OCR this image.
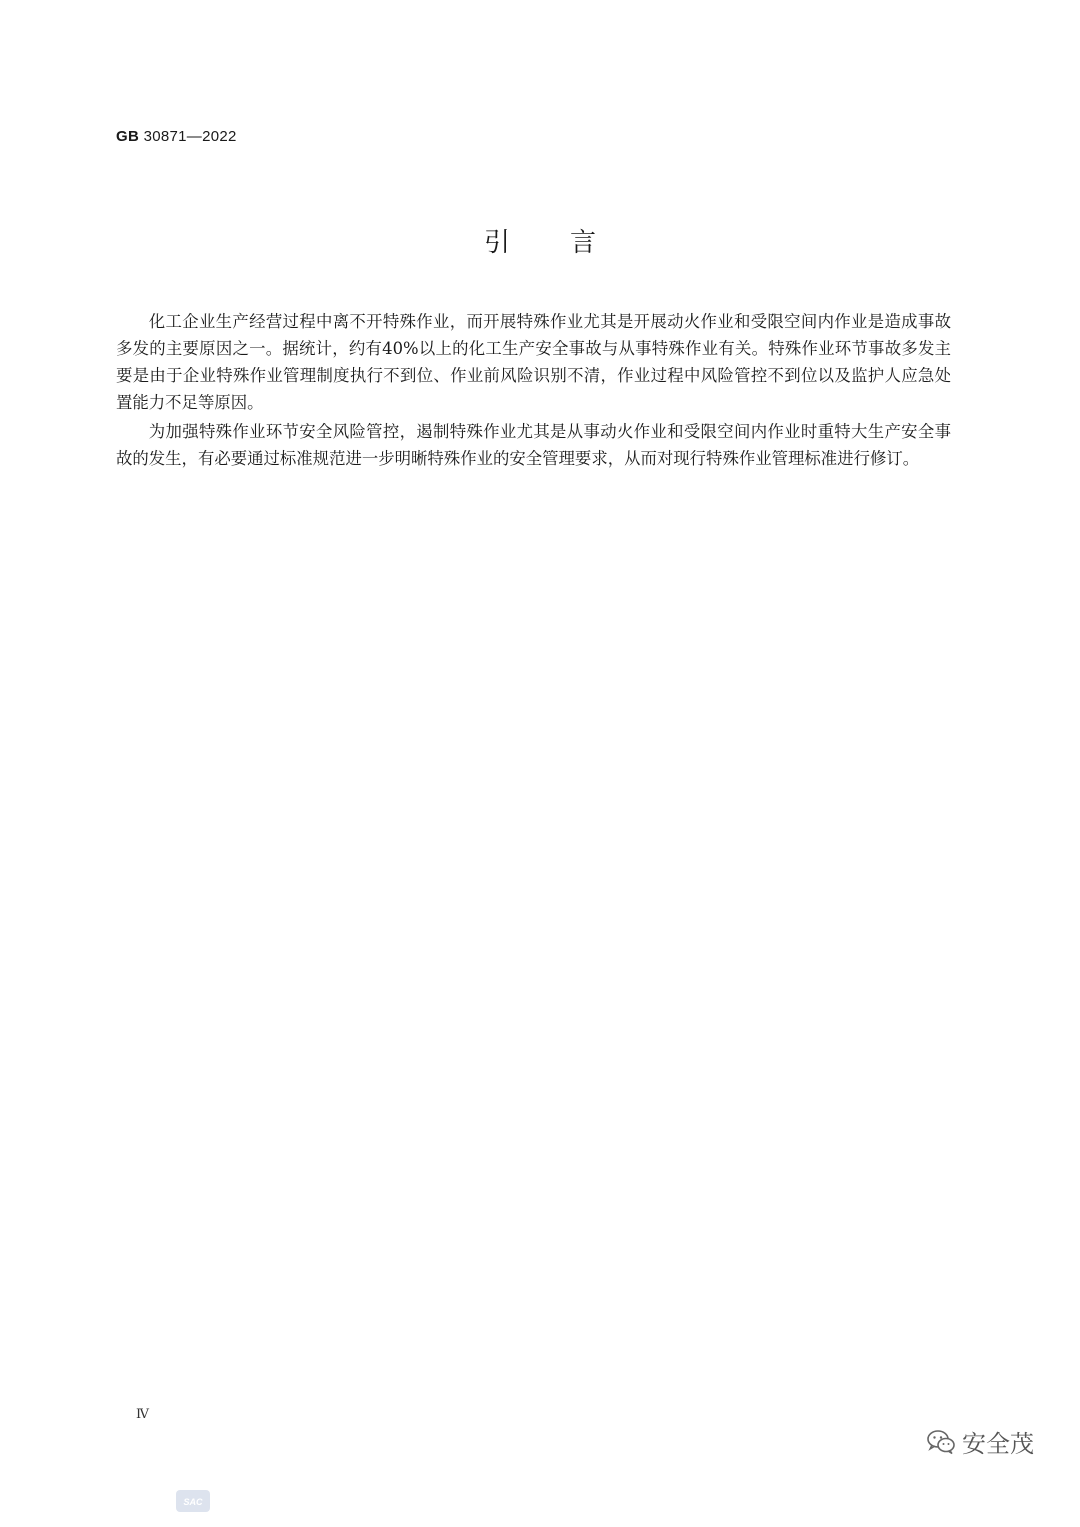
GB 30871—2022
引言

化工企业生产经营过程中离不开特殊作业，而开展特殊作业尤其是开展动火作业和受限空间内作业是造成事故多发的主要原因之一。据统计，约有40%以上的化工生产安全事故与从事特殊作业有关。特殊作业环节事故多发主要是由于企业特殊作业管理制度执行不到位、作业前风险识别不清，作业过程中风险管控不到位以及监护人应急处置能力不足等原因。

为加强特殊作业环节安全风险管控，遏制特殊作业尤其是从事动火作业和受限空间内作业时重特大生产安全事故的发生，有必要通过标准规范进一步明晰特殊作业的安全管理要求，从而对现行特殊作业管理标准进行修订。

Ⅳ
SAC
安全茂
